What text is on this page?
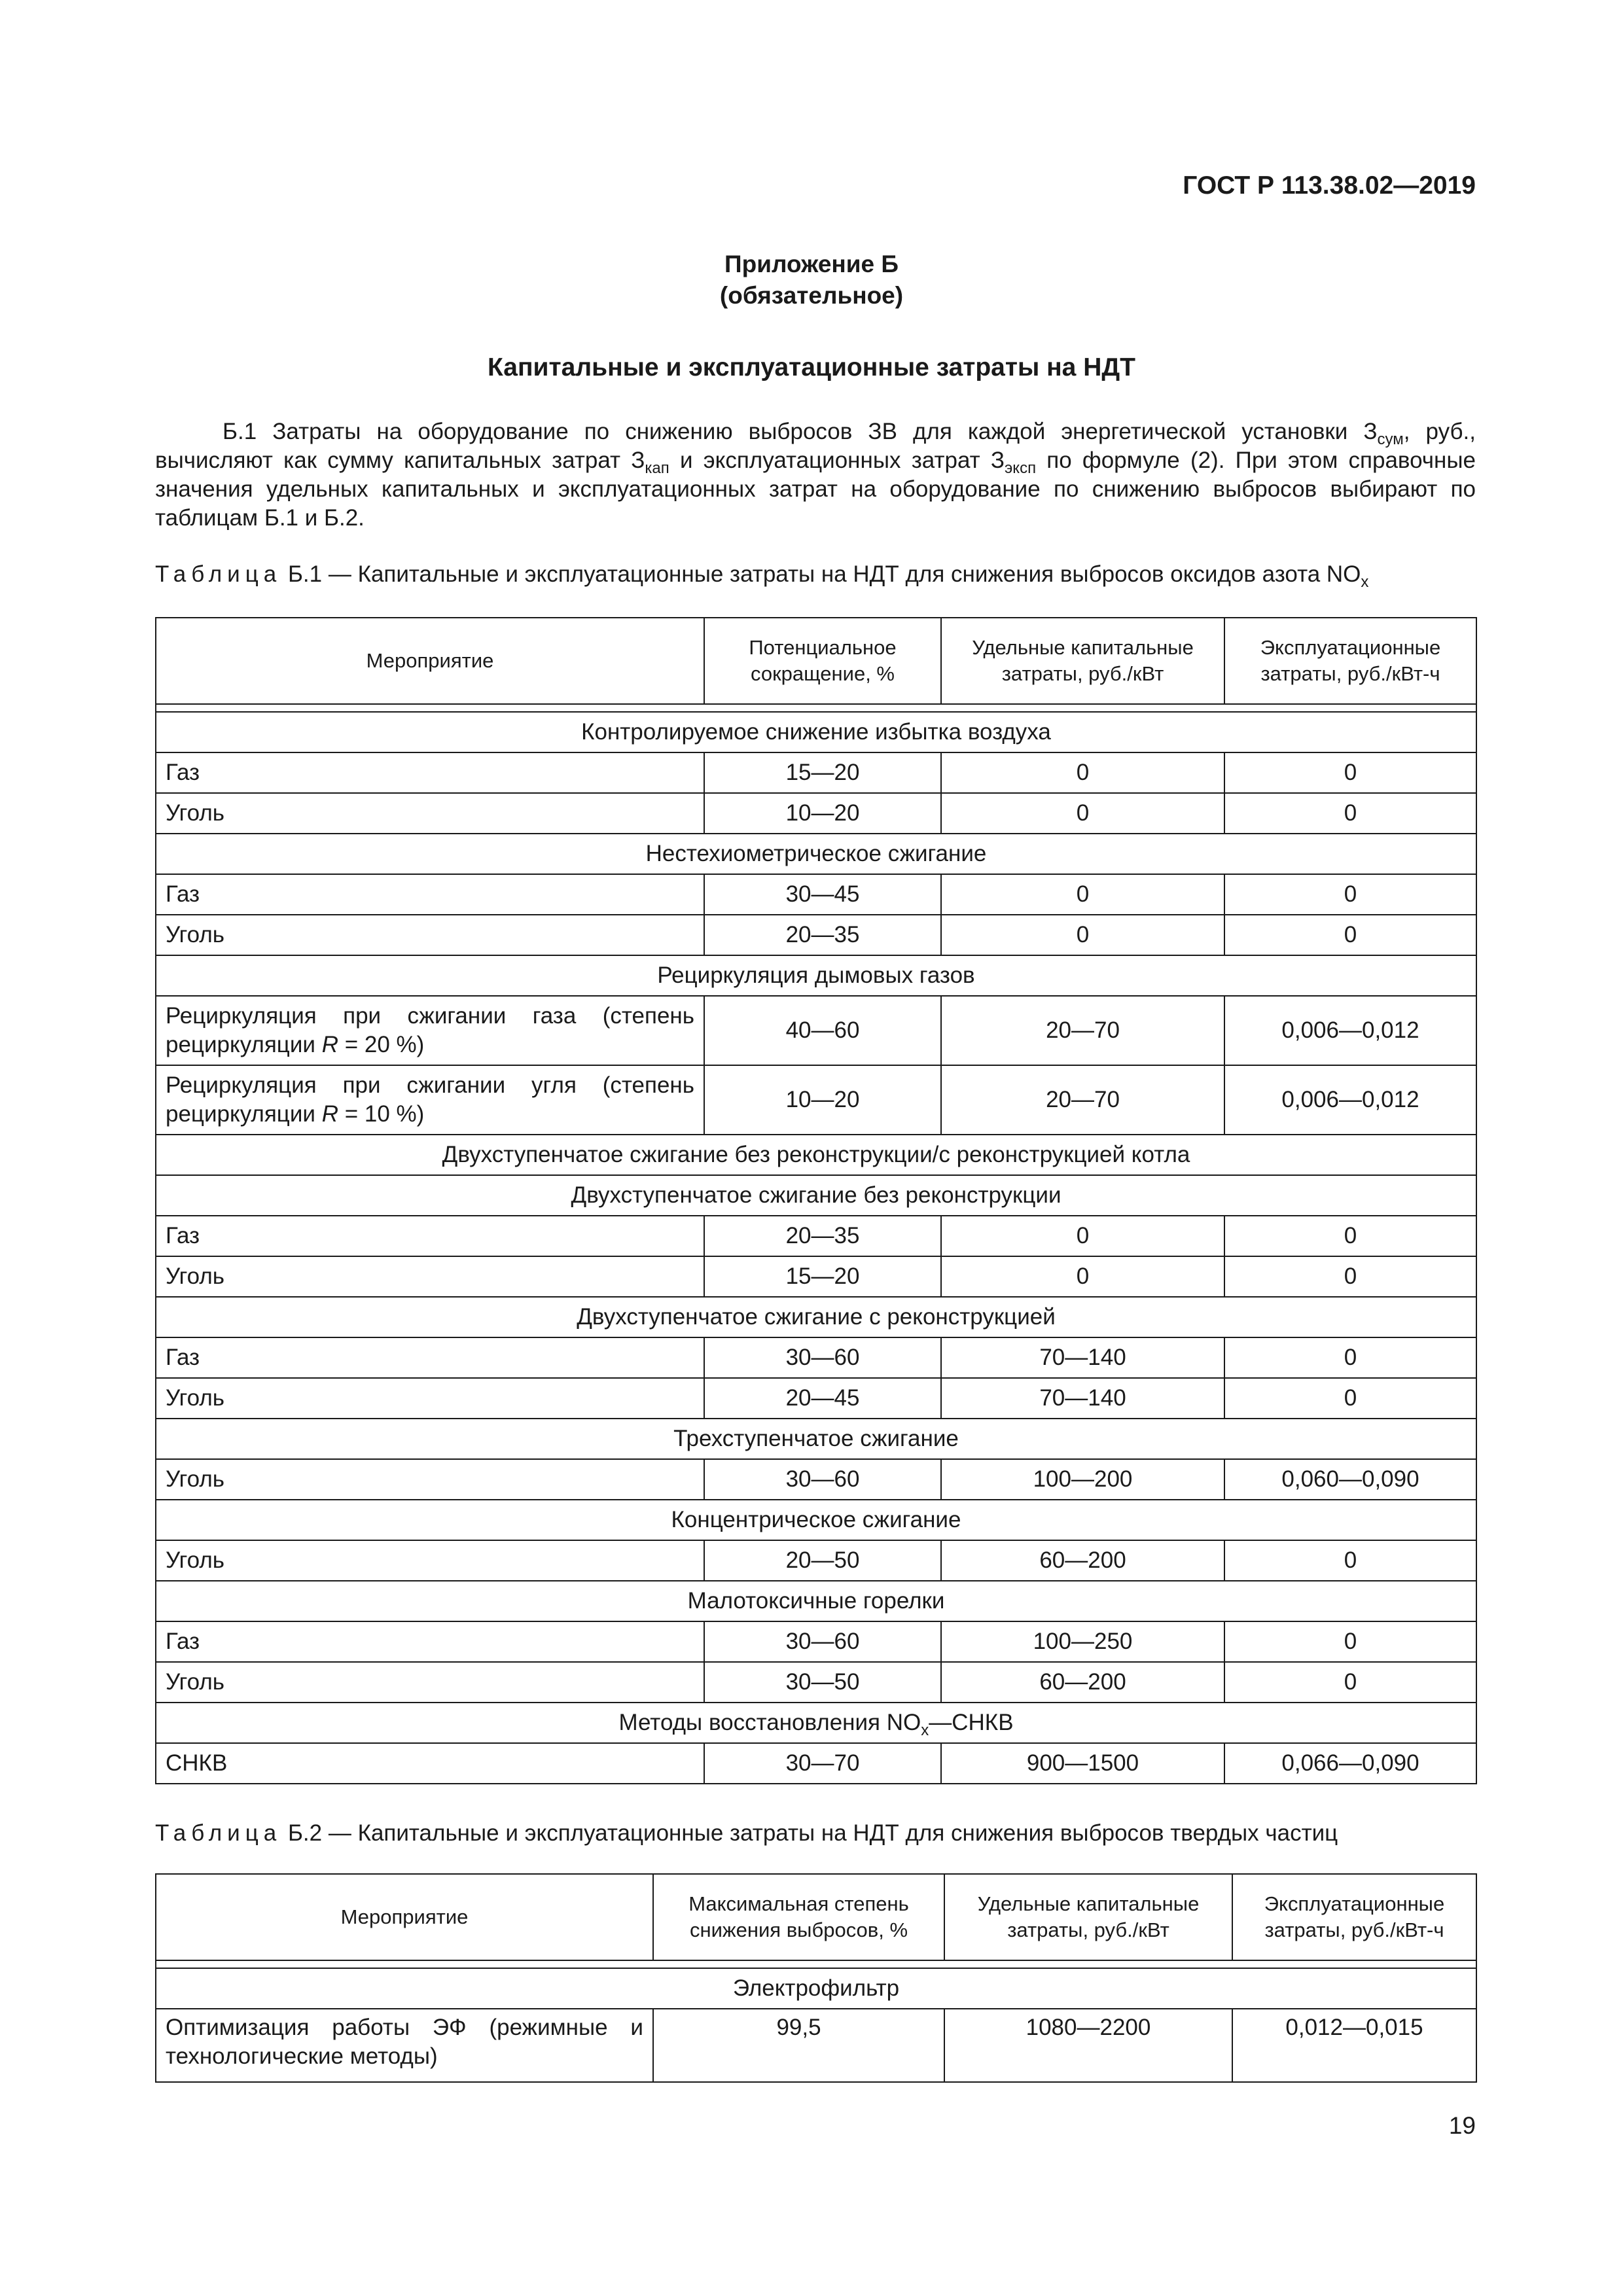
ГОСТ Р 113.38.02—2019
Приложение Б
(обязательное)
Капитальные и эксплуатационные затраты на НДТ
Б.1 Затраты на оборудование по снижению выбросов ЗВ для каждой энергетической установки $З_{сум}$, руб., вычисляют как сумму капитальных затрат $З_{кап}$ и эксплуатационных затрат $З_{эксп}$ по формуле (2). При этом справочные значения удельных капитальных и эксплуатационных затрат на оборудование по снижению выбросов выбирают по таблицам Б.1 и Б.2.
Таблица Б.1 — Капитальные и эксплуатационные затраты на НДТ для снижения выбросов оксидов азота $NO_x$
Мероприятие	Потенциальное сокращение, %	Удельные капитальные затраты, руб./кВт	Эксплуатационные затраты, руб./кВт-ч

Контролируемое снижение избытка воздуха			
Газ	15—20	0	0
Уголь	10—20	0	0
Нестехиометрическое сжигание			
Газ	30—45	0	0
Уголь	20—35	0	0
Рециркуляция дымовых газов			
Рециркуляция при сжигании газа (степень рециркуляции R = 20 %)	40—60	20—70	0,006—0,012
Рециркуляция при сжигании угля (степень рециркуляции R = 10 %)	10—20	20—70	0,006—0,012
Двухступенчатое сжигание без реконструкции/с реконструкцией котла			
Двухступенчатое сжигание без реконструкции			
Газ	20—35	0	0
Уголь	15—20	0	0
Двухступенчатое сжигание с реконструкцией			
Газ	30—60	70—140	0
Уголь	20—45	70—140	0
Трехступенчатое сжигание			
Уголь	30—60	100—200	0,060—0,090
Концентрическое сжигание			
Уголь	20—50	60—200	0
Малотоксичные горелки			
Газ	30—60	100—250	0
Уголь	30—50	60—200	0
Методы восстановления $NO_x—СНКВ$			
СНКВ	30—70	900—1500	0,066—0,090
Таблица Б.2 — Капитальные и эксплуатационные затраты на НДТ для снижения выбросов твердых частиц
Мероприятие	Максимальная степень снижения выбросов, %	Удельные капитальные затраты, руб./кВт	Эксплуатационные затраты, руб./кВт-ч

Электрофильтр			
Оптимизация работы ЭФ (режимные и технологические методы)	99,5	1080—2200	0,012—0,015
19
